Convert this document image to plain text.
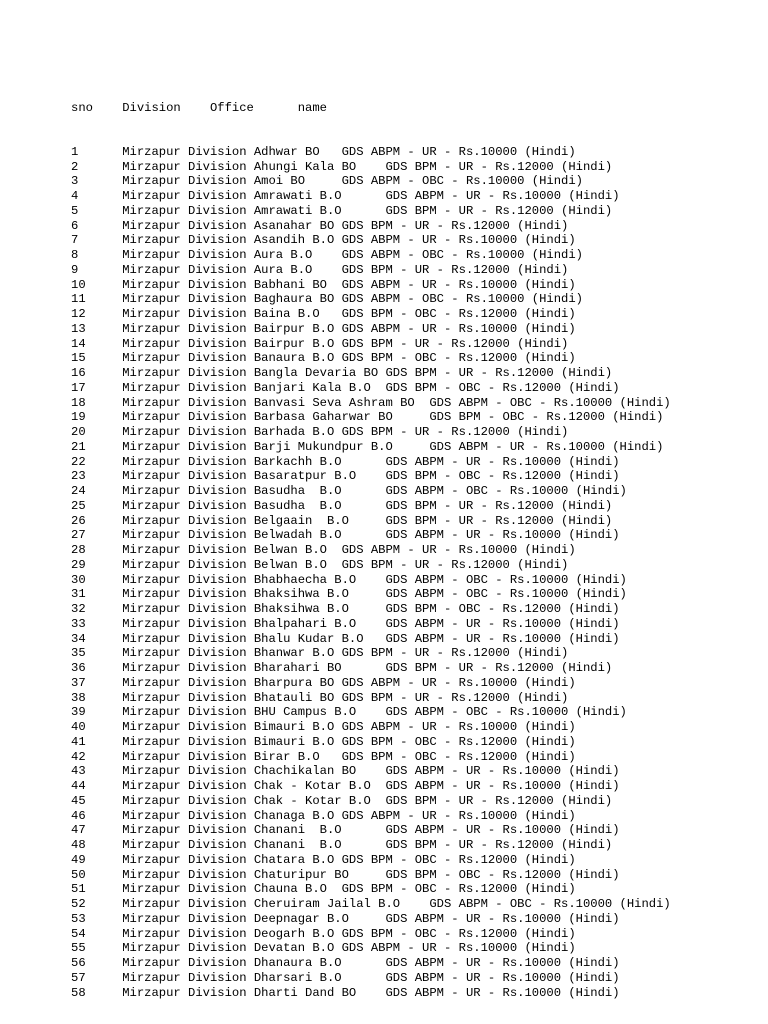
sno    Division    Office      name

1      Mirzapur Division Adhwar BO   GDS ABPM - UR - Rs.10000 (Hindi)
2      Mirzapur Division Ahungi Kala BO    GDS BPM - UR - Rs.12000 (Hindi)
3      Mirzapur Division Amoi BO     GDS ABPM - OBC - Rs.10000 (Hindi)
4      Mirzapur Division Amrawati B.O      GDS ABPM - UR - Rs.10000 (Hindi)
5      Mirzapur Division Amrawati B.O      GDS BPM - UR - Rs.12000 (Hindi)
6      Mirzapur Division Asanahar BO GDS BPM - UR - Rs.12000 (Hindi)
7      Mirzapur Division Asandih B.O GDS ABPM - UR - Rs.10000 (Hindi)
8      Mirzapur Division Aura B.O    GDS ABPM - OBC - Rs.10000 (Hindi)
9      Mirzapur Division Aura B.O    GDS BPM - UR - Rs.12000 (Hindi)
10     Mirzapur Division Babhani BO  GDS ABPM - UR - Rs.10000 (Hindi)
11     Mirzapur Division Baghaura BO GDS ABPM - OBC - Rs.10000 (Hindi)
12     Mirzapur Division Baina B.O   GDS BPM - OBC - Rs.12000 (Hindi)
13     Mirzapur Division Bairpur B.O GDS ABPM - UR - Rs.10000 (Hindi)
14     Mirzapur Division Bairpur B.O GDS BPM - UR - Rs.12000 (Hindi)
15     Mirzapur Division Banaura B.O GDS BPM - OBC - Rs.12000 (Hindi)
16     Mirzapur Division Bangla Devaria BO GDS BPM - UR - Rs.12000 (Hindi)
17     Mirzapur Division Banjari Kala B.O  GDS BPM - OBC - Rs.12000 (Hindi)
18     Mirzapur Division Banvasi Seva Ashram BO  GDS ABPM - OBC - Rs.10000 (Hindi)
19     Mirzapur Division Barbasa Gaharwar BO     GDS BPM - OBC - Rs.12000 (Hindi)
20     Mirzapur Division Barhada B.O GDS BPM - UR - Rs.12000 (Hindi)
21     Mirzapur Division Barji Mukundpur B.O     GDS ABPM - UR - Rs.10000 (Hindi)
22     Mirzapur Division Barkachh B.O      GDS ABPM - UR - Rs.10000 (Hindi)
23     Mirzapur Division Basaratpur B.O    GDS BPM - OBC - Rs.12000 (Hindi)
24     Mirzapur Division Basudha  B.O      GDS ABPM - OBC - Rs.10000 (Hindi)
25     Mirzapur Division Basudha  B.O      GDS BPM - UR - Rs.12000 (Hindi)
26     Mirzapur Division Belgaain  B.O     GDS BPM - UR - Rs.12000 (Hindi)
27     Mirzapur Division Belwadah B.O      GDS ABPM - UR - Rs.10000 (Hindi)
28     Mirzapur Division Belwan B.O  GDS ABPM - UR - Rs.10000 (Hindi)
29     Mirzapur Division Belwan B.O  GDS BPM - UR - Rs.12000 (Hindi)
30     Mirzapur Division Bhabhaecha B.O    GDS ABPM - OBC - Rs.10000 (Hindi)
31     Mirzapur Division Bhaksihwa B.O     GDS ABPM - OBC - Rs.10000 (Hindi)
32     Mirzapur Division Bhaksihwa B.O     GDS BPM - OBC - Rs.12000 (Hindi)
33     Mirzapur Division Bhalpahari B.O    GDS ABPM - UR - Rs.10000 (Hindi)
34     Mirzapur Division Bhalu Kudar B.O   GDS ABPM - UR - Rs.10000 (Hindi)
35     Mirzapur Division Bhanwar B.O GDS BPM - UR - Rs.12000 (Hindi)
36     Mirzapur Division Bharahari BO      GDS BPM - UR - Rs.12000 (Hindi)
37     Mirzapur Division Bharpura BO GDS ABPM - UR - Rs.10000 (Hindi)
38     Mirzapur Division Bhatauli BO GDS BPM - UR - Rs.12000 (Hindi)
39     Mirzapur Division BHU Campus B.O    GDS ABPM - OBC - Rs.10000 (Hindi)
40     Mirzapur Division Bimauri B.O GDS ABPM - UR - Rs.10000 (Hindi)
41     Mirzapur Division Bimauri B.O GDS BPM - OBC - Rs.12000 (Hindi)
42     Mirzapur Division Birar B.O   GDS BPM - OBC - Rs.12000 (Hindi)
43     Mirzapur Division Chachikalan BO    GDS ABPM - UR - Rs.10000 (Hindi)
44     Mirzapur Division Chak - Kotar B.O  GDS ABPM - UR - Rs.10000 (Hindi)
45     Mirzapur Division Chak - Kotar B.O  GDS BPM - UR - Rs.12000 (Hindi)
46     Mirzapur Division Chanaga B.O GDS ABPM - UR - Rs.10000 (Hindi)
47     Mirzapur Division Chanani  B.O      GDS ABPM - UR - Rs.10000 (Hindi)
48     Mirzapur Division Chanani  B.O      GDS BPM - UR - Rs.12000 (Hindi)
49     Mirzapur Division Chatara B.O GDS BPM - OBC - Rs.12000 (Hindi)
50     Mirzapur Division Chaturipur BO     GDS BPM - OBC - Rs.12000 (Hindi)
51     Mirzapur Division Chauna B.O  GDS BPM - OBC - Rs.12000 (Hindi)
52     Mirzapur Division Cheruiram Jailal B.O    GDS ABPM - OBC - Rs.10000 (Hindi)
53     Mirzapur Division Deepnagar B.O     GDS ABPM - UR - Rs.10000 (Hindi)
54     Mirzapur Division Deogarh B.O GDS BPM - OBC - Rs.12000 (Hindi)
55     Mirzapur Division Devatan B.O GDS ABPM - UR - Rs.10000 (Hindi)
56     Mirzapur Division Dhanaura B.O      GDS ABPM - UR - Rs.10000 (Hindi)
57     Mirzapur Division Dharsari B.O      GDS ABPM - UR - Rs.10000 (Hindi)
58     Mirzapur Division Dharti Dand BO    GDS ABPM - UR - Rs.10000 (Hindi)
